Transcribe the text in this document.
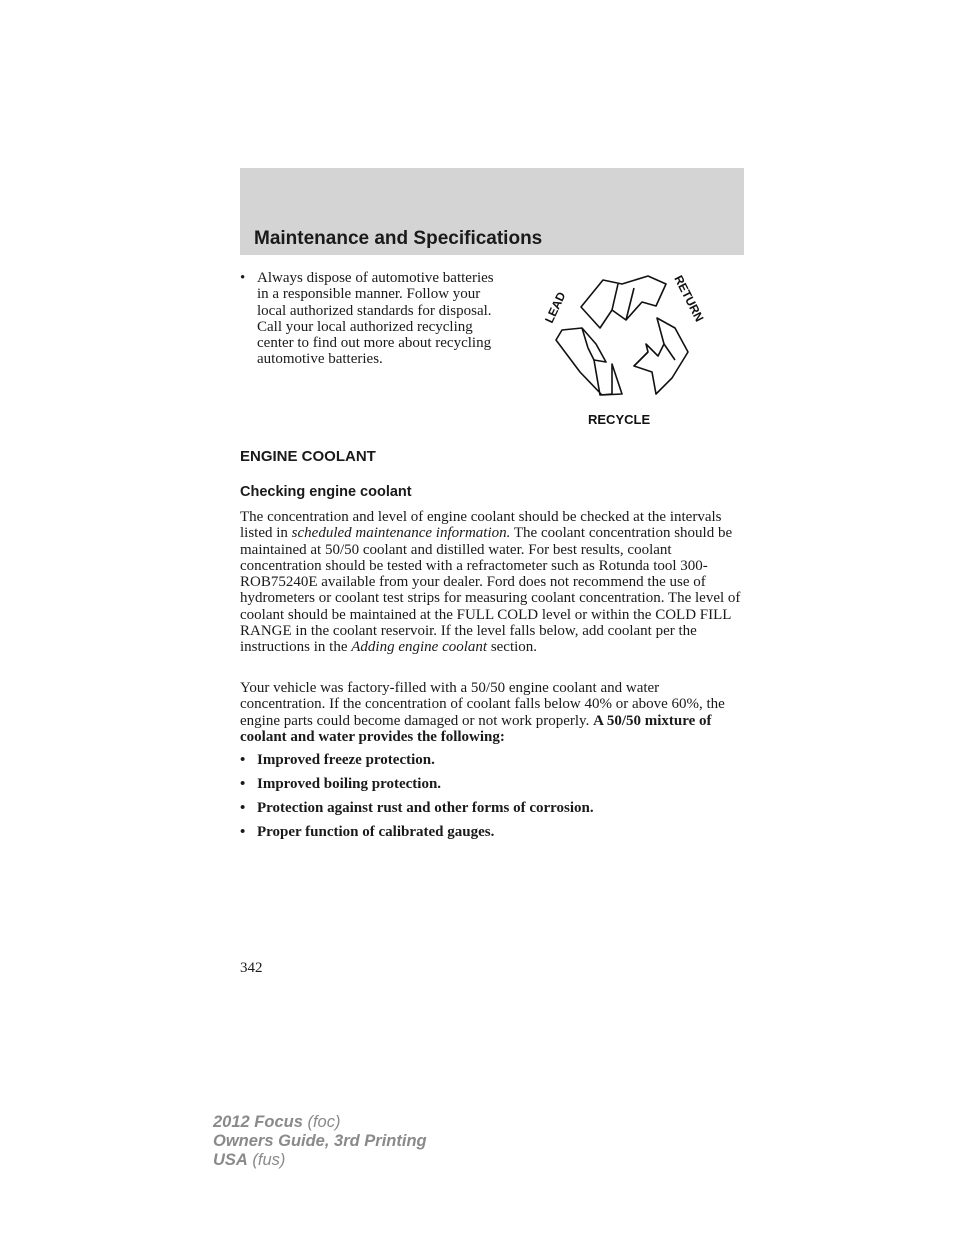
Maintenance and Specifications
• Always dispose of automotive batteries in a responsible manner. Follow your local authorized standards for disposal. Call your local authorized recycling center to find out more about recycling automotive batteries.
LEAD	RETURN
RECYCLE
ENGINE COOLANT
Checking engine coolant

The concentration and level of engine coolant should be checked at the intervals listed in scheduled maintenance information. The coolant concentration should be maintained at 50/50 coolant and distilled water. For best results, coolant concentration should be tested with a refractometer such as Rotunda tool 300-ROB75240E available from your dealer. Ford does not recommend the use of hydrometers or coolant test strips for measuring coolant concentration. The level of coolant should be maintained at the FULL COLD level or within the COLD FILL RANGE in the coolant reservoir. If the level falls below, add coolant per the instructions in the Adding engine coolant section.

Your vehicle was factory-filled with a 50/50 engine coolant and water concentration. If the concentration of coolant falls below 40% or above 60%, the engine parts could become damaged or not work properly. A 50/50 mixture of coolant and water provides the following:

• Improved freeze protection.
• Improved boiling protection.
• Protection against rust and other forms of corrosion.
• Proper function of calibrated gauges.

342

2012 Focus (foc)
Owners Guide, 3rd Printing
USA (fus)
